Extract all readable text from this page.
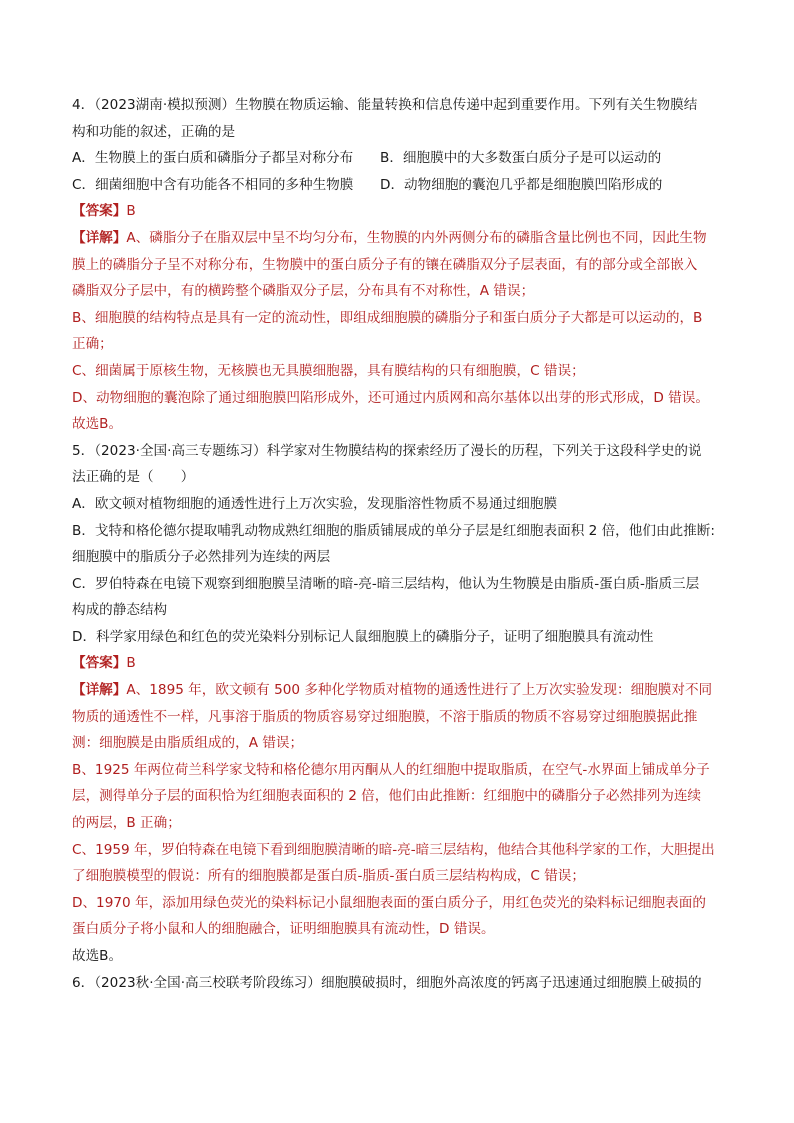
4．（2023湖南·模拟预测）生物膜在物质运输、能量转换和信息传递中起到重要作用。下列有关生物膜结
构和功能的叙述，正确的是
A．生物膜上的蛋白质和磷脂分子都呈对称分布	B．细胞膜中的大多数蛋白质分子是可以运动的
C．细菌细胞中含有功能各不相同的多种生物膜	D．动物细胞的囊泡几乎都是细胞膜凹陷形成的
【答案】B
【详解】A、磷脂分子在脂双层中呈不均匀分布，生物膜的内外两侧分布的磷脂含量比例也不同，因此生物
膜上的磷脂分子呈不对称分布，生物膜中的蛋白质分子有的镶在磷脂双分子层表面，有的部分或全部嵌入
磷脂双分子层中，有的横跨整个磷脂双分子层，分布具有不对称性，A 错误；
B、细胞膜的结构特点是具有一定的流动性，即组成细胞膜的磷脂分子和蛋白质分子大都是可以运动的，B
正确；
C、细菌属于原核生物，无核膜也无具膜细胞器，具有膜结构的只有细胞膜，C 错误；
D、动物细胞的囊泡除了通过细胞膜凹陷形成外，还可通过内质网和高尔基体以出芽的形式形成，D 错误。
故选B。
5．（2023·全国·高三专题练习）科学家对生物膜结构的探索经历了漫长的历程，下列关于这段科学史的说
法正确的是（　　）
A．欧文顿对植物细胞的通透性进行上万次实验，发现脂溶性物质不易通过细胞膜
B．戈特和格伦德尔提取哺乳动物成熟红细胞的脂质铺展成的单分子层是红细胞表面积 2 倍，他们由此推断:
细胞膜中的脂质分子必然排列为连续的两层
C．罗伯特森在电镜下观察到细胞膜呈清晰的暗-亮-暗三层结构，他认为生物膜是由脂质-蛋白质-脂质三层
构成的静态结构
D．科学家用绿色和红色的荧光染料分别标记人鼠细胞膜上的磷脂分子，证明了细胞膜具有流动性
【答案】B
【详解】A、1895 年，欧文顿有 500 多种化学物质对植物的通透性进行了上万次实验发现：细胞膜对不同
物质的通透性不一样，凡事溶于脂质的物质容易穿过细胞膜，不溶于脂质的物质不容易穿过细胞膜据此推
测：细胞膜是由脂质组成的，A 错误；
B、1925 年两位荷兰科学家戈特和格伦德尔用丙酮从人的红细胞中提取脂质，在空气-水界面上铺成单分子
层，测得单分子层的面积恰为红细胞表面积的 2 倍，他们由此推断：红细胞中的磷脂分子必然排列为连续
的两层，B 正确；
C、1959 年，罗伯特森在电镜下看到细胞膜清晰的暗-亮-暗三层结构，他结合其他科学家的工作，大胆提出
了细胞膜模型的假说：所有的细胞膜都是蛋白质-脂质-蛋白质三层结构构成，C 错误；
D、1970 年，添加用绿色荧光的染料标记小鼠细胞表面的蛋白质分子，用红色荧光的染料标记细胞表面的
蛋白质分子将小鼠和人的细胞融合，证明细胞膜具有流动性，D 错误。
故选B。
6．（2023秋·全国·高三校联考阶段练习）细胞膜破损时，细胞外高浓度的钙离子迅速通过细胞膜上破损的
